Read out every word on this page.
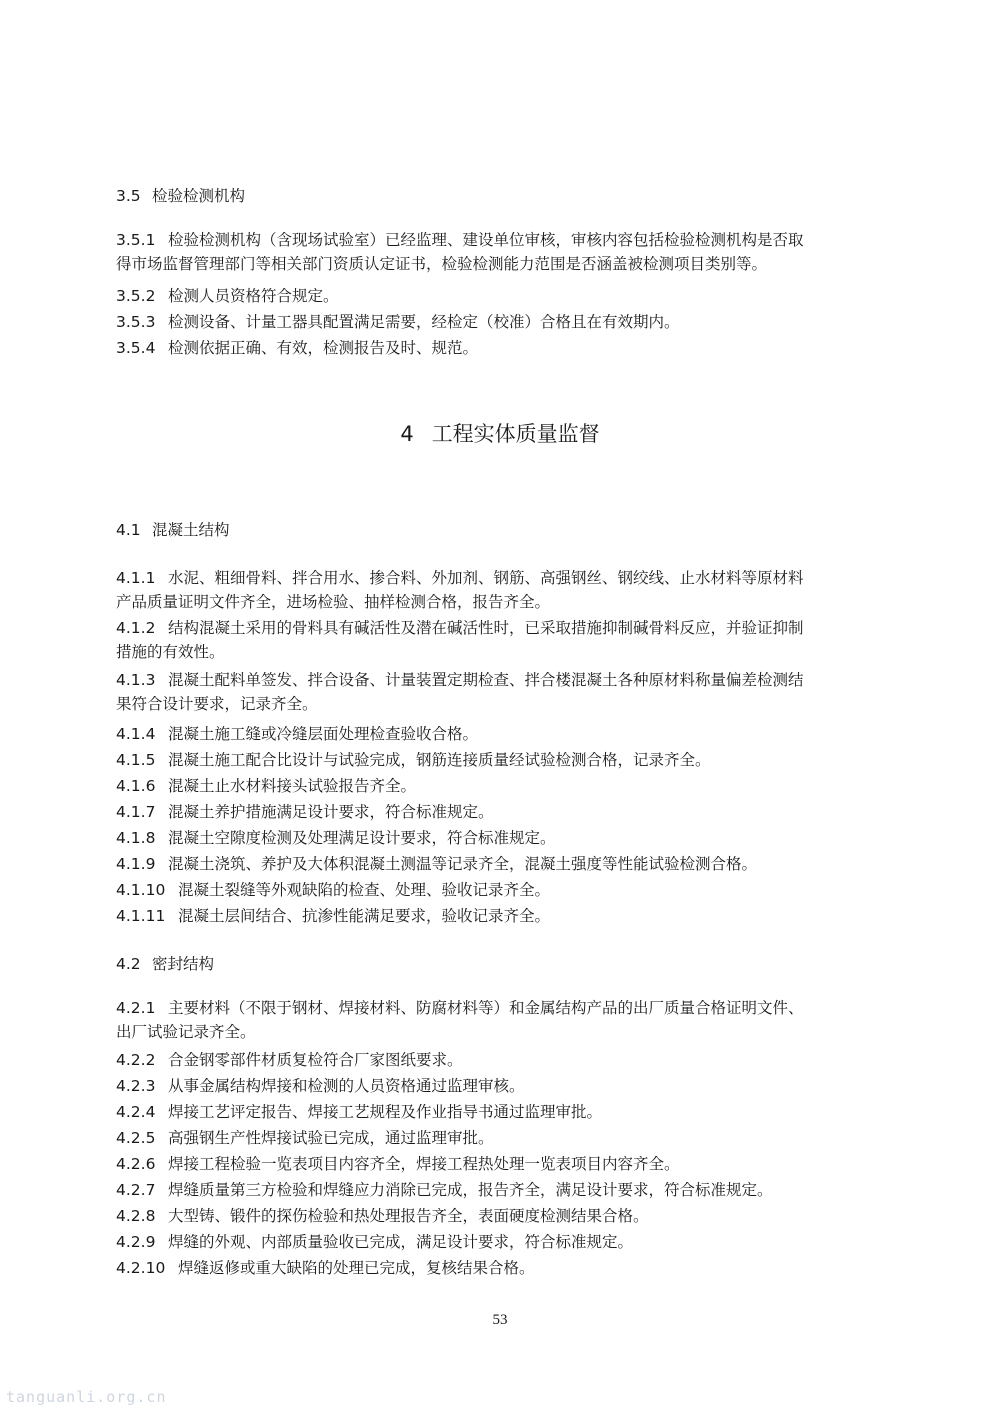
3.5 检验检测机构
3.5.1 检验检测机构（含现场试验室）已经监理、建设单位审核，审核内容包括检验检测机构是否取
得市场监督管理部门等相关部门资质认定证书，检验检测能力范围是否涵盖被检测项目类别等。
3.5.2 检测人员资格符合规定。
3.5.3 检测设备、计量工器具配置满足需要，经检定（校准）合格且在有效期内。
3.5.4 检测依据正确、有效，检测报告及时、规范。
4 工程实体质量监督
4.1 混凝土结构
4.1.1 水泥、粗细骨料、拌合用水、掺合料、外加剂、钢筋、高强钢丝、钢绞线、止水材料等原材料
产品质量证明文件齐全，进场检验、抽样检测合格，报告齐全。
4.1.2 结构混凝土采用的骨料具有碱活性及潜在碱活性时，已采取措施抑制碱骨料反应，并验证抑制
措施的有效性。
4.1.3 混凝土配料单签发、拌合设备、计量装置定期检查、拌合楼混凝土各种原材料称量偏差检测结
果符合设计要求，记录齐全。
4.1.4 混凝土施工缝或冷缝层面处理检查验收合格。
4.1.5 混凝土施工配合比设计与试验完成，钢筋连接质量经试验检测合格，记录齐全。
4.1.6 混凝土止水材料接头试验报告齐全。
4.1.7 混凝土养护措施满足设计要求，符合标准规定。
4.1.8 混凝土空隙度检测及处理满足设计要求，符合标准规定。
4.1.9 混凝土浇筑、养护及大体积混凝土测温等记录齐全，混凝土强度等性能试验检测合格。
4.1.10 混凝土裂缝等外观缺陷的检查、处理、验收记录齐全。
4.1.11 混凝土层间结合、抗渗性能满足要求，验收记录齐全。
4.2 密封结构
4.2.1 主要材料（不限于钢材、焊接材料、防腐材料等）和金属结构产品的出厂质量合格证明文件、
出厂试验记录齐全。
4.2.2 合金钢零部件材质复检符合厂家图纸要求。
4.2.3 从事金属结构焊接和检测的人员资格通过监理审核。
4.2.4 焊接工艺评定报告、焊接工艺规程及作业指导书通过监理审批。
4.2.5 高强钢生产性焊接试验已完成，通过监理审批。
4.2.6 焊接工程检验一览表项目内容齐全，焊接工程热处理一览表项目内容齐全。
4.2.7 焊缝质量第三方检验和焊缝应力消除已完成，报告齐全，满足设计要求，符合标准规定。
4.2.8 大型铸、锻件的探伤检验和热处理报告齐全，表面硬度检测结果合格。
4.2.9 焊缝的外观、内部质量验收已完成，满足设计要求，符合标准规定。
4.2.10 焊缝返修或重大缺陷的处理已完成，复核结果合格。
53
tanguanli.org.cn
